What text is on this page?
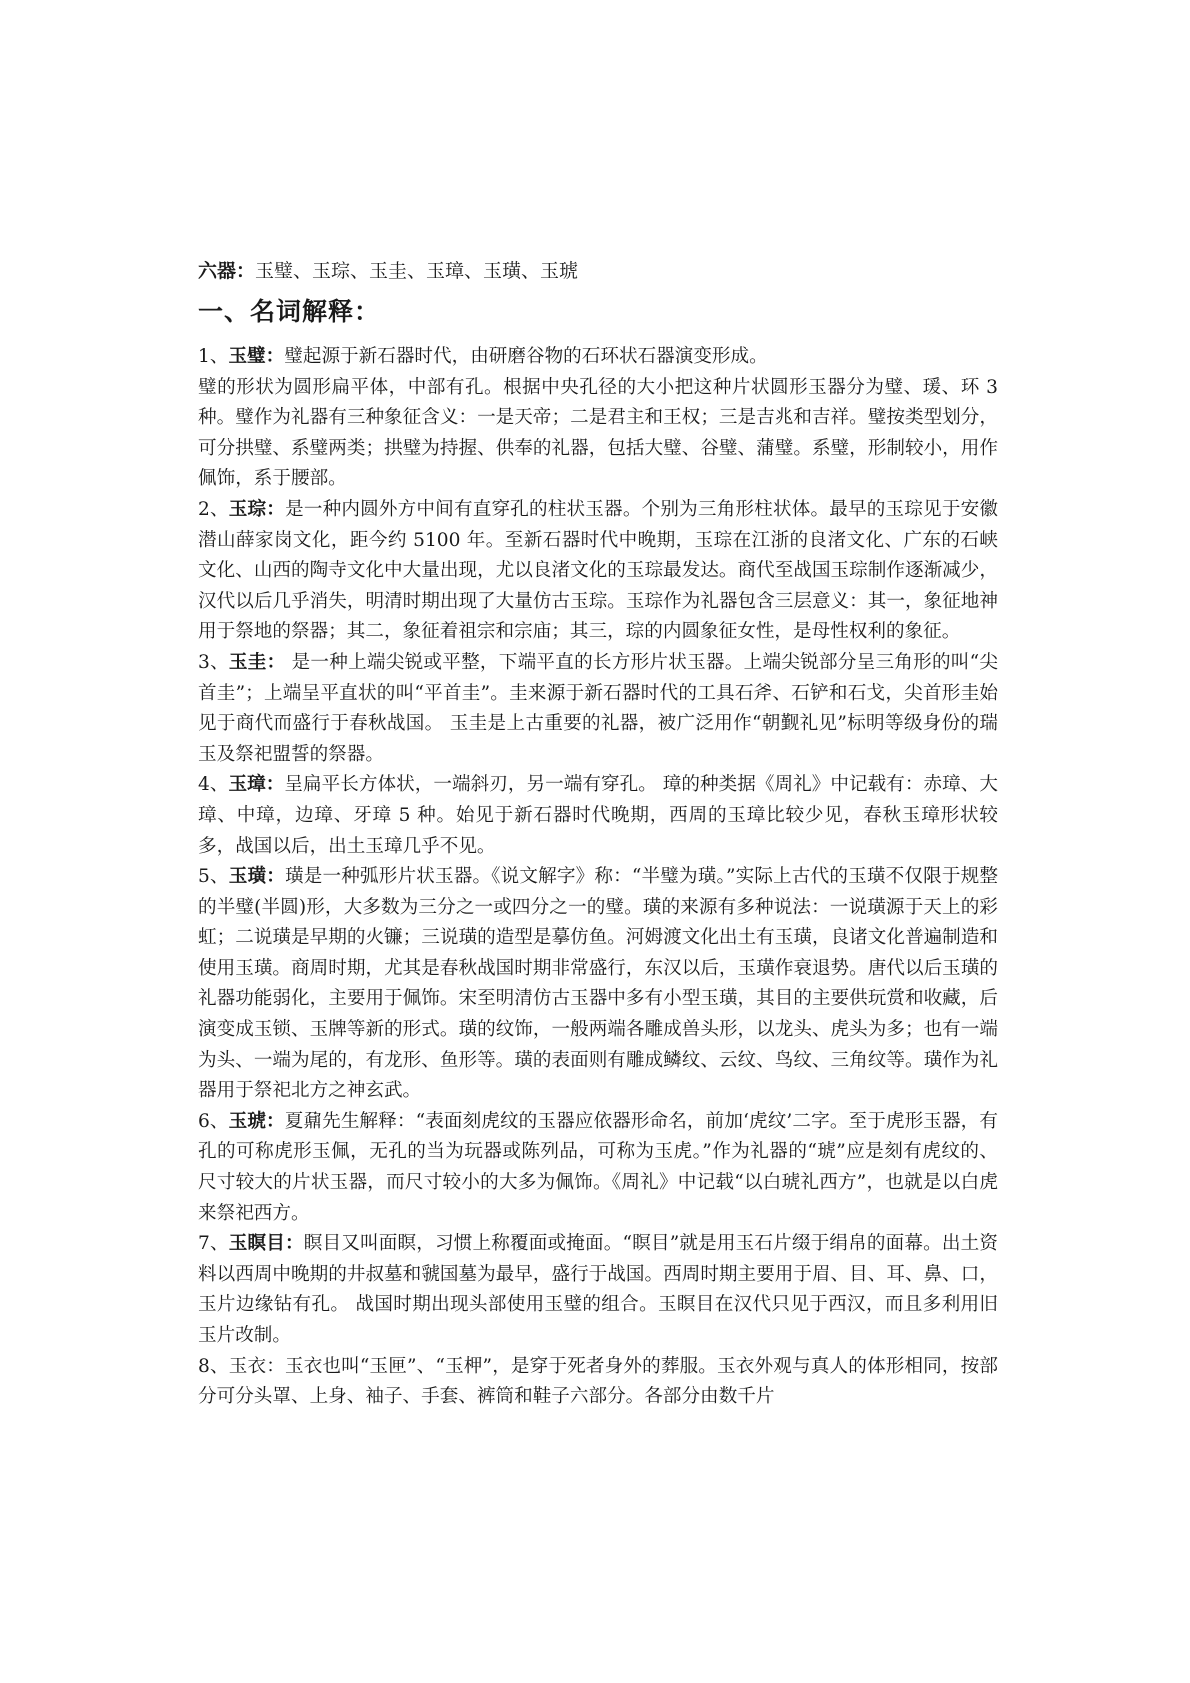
六器：玉璧、玉琮、玉圭、玉璋、玉璜、玉琥
一、名词解释：

1、玉璧：璧起源于新石器时代，由研磨谷物的石环状石器演变形成。

璧的形状为圆形扁平体，中部有孔。根据中央孔径的大小把这种片状圆形玉器分为璧、瑗、环 3 种。璧作为礼器有三种象征含义：一是天帝；二是君主和王权；三是吉兆和吉祥。璧按类型划分，可分拱璧、系璧两类；拱璧为持握、供奉的礼器，包括大璧、谷璧、蒲璧。系璧，形制较小，用作佩饰，系于腰部。

2、玉琮：是一种内圆外方中间有直穿孔的柱状玉器。个别为三角形柱状体。最早的玉琮见于安徽潜山薛家岗文化，距今约 5100 年。至新石器时代中晚期，玉琮在江浙的良渚文化、广东的石峡文化、山西的陶寺文化中大量出现，尤以良渚文化的玉琮最发达。商代至战国玉琮制作逐渐减少，汉代以后几乎消失，明清时期出现了大量仿古玉琮。玉琮作为礼器包含三层意义：其一，象征地神用于祭地的祭器；其二，象征着祖宗和宗庙；其三，琮的内圆象征女性，是母性权利的象征。

3、玉圭： 是一种上端尖锐或平整，下端平直的长方形片状玉器。上端尖锐部分呈三角形的叫“尖首圭”；上端呈平直状的叫“平首圭”。圭来源于新石器时代的工具石斧、石铲和石戈，尖首形圭始见于商代而盛行于春秋战国。 玉圭是上古重要的礼器，被广泛用作“朝觐礼见”标明等级身份的瑞玉及祭祀盟誓的祭器。

4、玉璋：呈扁平长方体状，一端斜刃，另一端有穿孔。 璋的种类据《周礼》中记载有：赤璋、大璋、中璋，边璋、牙璋 5 种。始见于新石器时代晚期，西周的玉璋比较少见，春秋玉璋形状较多，战国以后，出土玉璋几乎不见。

5、玉璜：璜是一种弧形片状玉器。《说文解字》称：“半璧为璜。”实际上古代的玉璜不仅限于规整的半璧(半圆)形，大多数为三分之一或四分之一的璧。璜的来源有多种说法：一说璜源于天上的彩虹；二说璜是早期的火镰；三说璜的造型是摹仿鱼。河姆渡文化出土有玉璜，良诸文化普遍制造和使用玉璜。商周时期，尤其是春秋战国时期非常盛行，东汉以后，玉璜作衰退势。唐代以后玉璜的礼器功能弱化，主要用于佩饰。宋至明清仿古玉器中多有小型玉璜，其目的主要供玩赏和收藏，后演变成玉锁、玉牌等新的形式。璜的纹饰，一般两端各雕成兽头形，以龙头、虎头为多；也有一端为头、一端为尾的，有龙形、鱼形等。璜的表面则有雕成鳞纹、云纹、鸟纹、三角纹等。璜作为礼器用于祭祀北方之神玄武。

6、玉琥：夏鼐先生解释：“表面刻虎纹的玉器应依器形命名，前加‘虎纹’二字。至于虎形玉器，有孔的可称虎形玉佩，无孔的当为玩器或陈列品，可称为玉虎。”作为礼器的“琥”应是刻有虎纹的、尺寸较大的片状玉器，而尺寸较小的大多为佩饰。《周礼》中记载“以白琥礼西方”，也就是以白虎来祭祀西方。

7、玉瞑目：瞑目又叫面瞑，习惯上称覆面或掩面。“瞑目”就是用玉石片缀于绢帛的面幕。出土资料以西周中晚期的井叔墓和虢国墓为最早，盛行于战国。西周时期主要用于眉、目、耳、鼻、口，玉片边缘钻有孔。 战国时期出现头部使用玉璧的组合。玉瞑目在汉代只见于西汉，而且多利用旧玉片改制。

8、玉衣：玉衣也叫“玉匣”、“玉柙”，是穿于死者身外的葬服。玉衣外观与真人的体形相同，按部分可分头罩、上身、袖子、手套、裤筒和鞋子六部分。各部分由数千片
